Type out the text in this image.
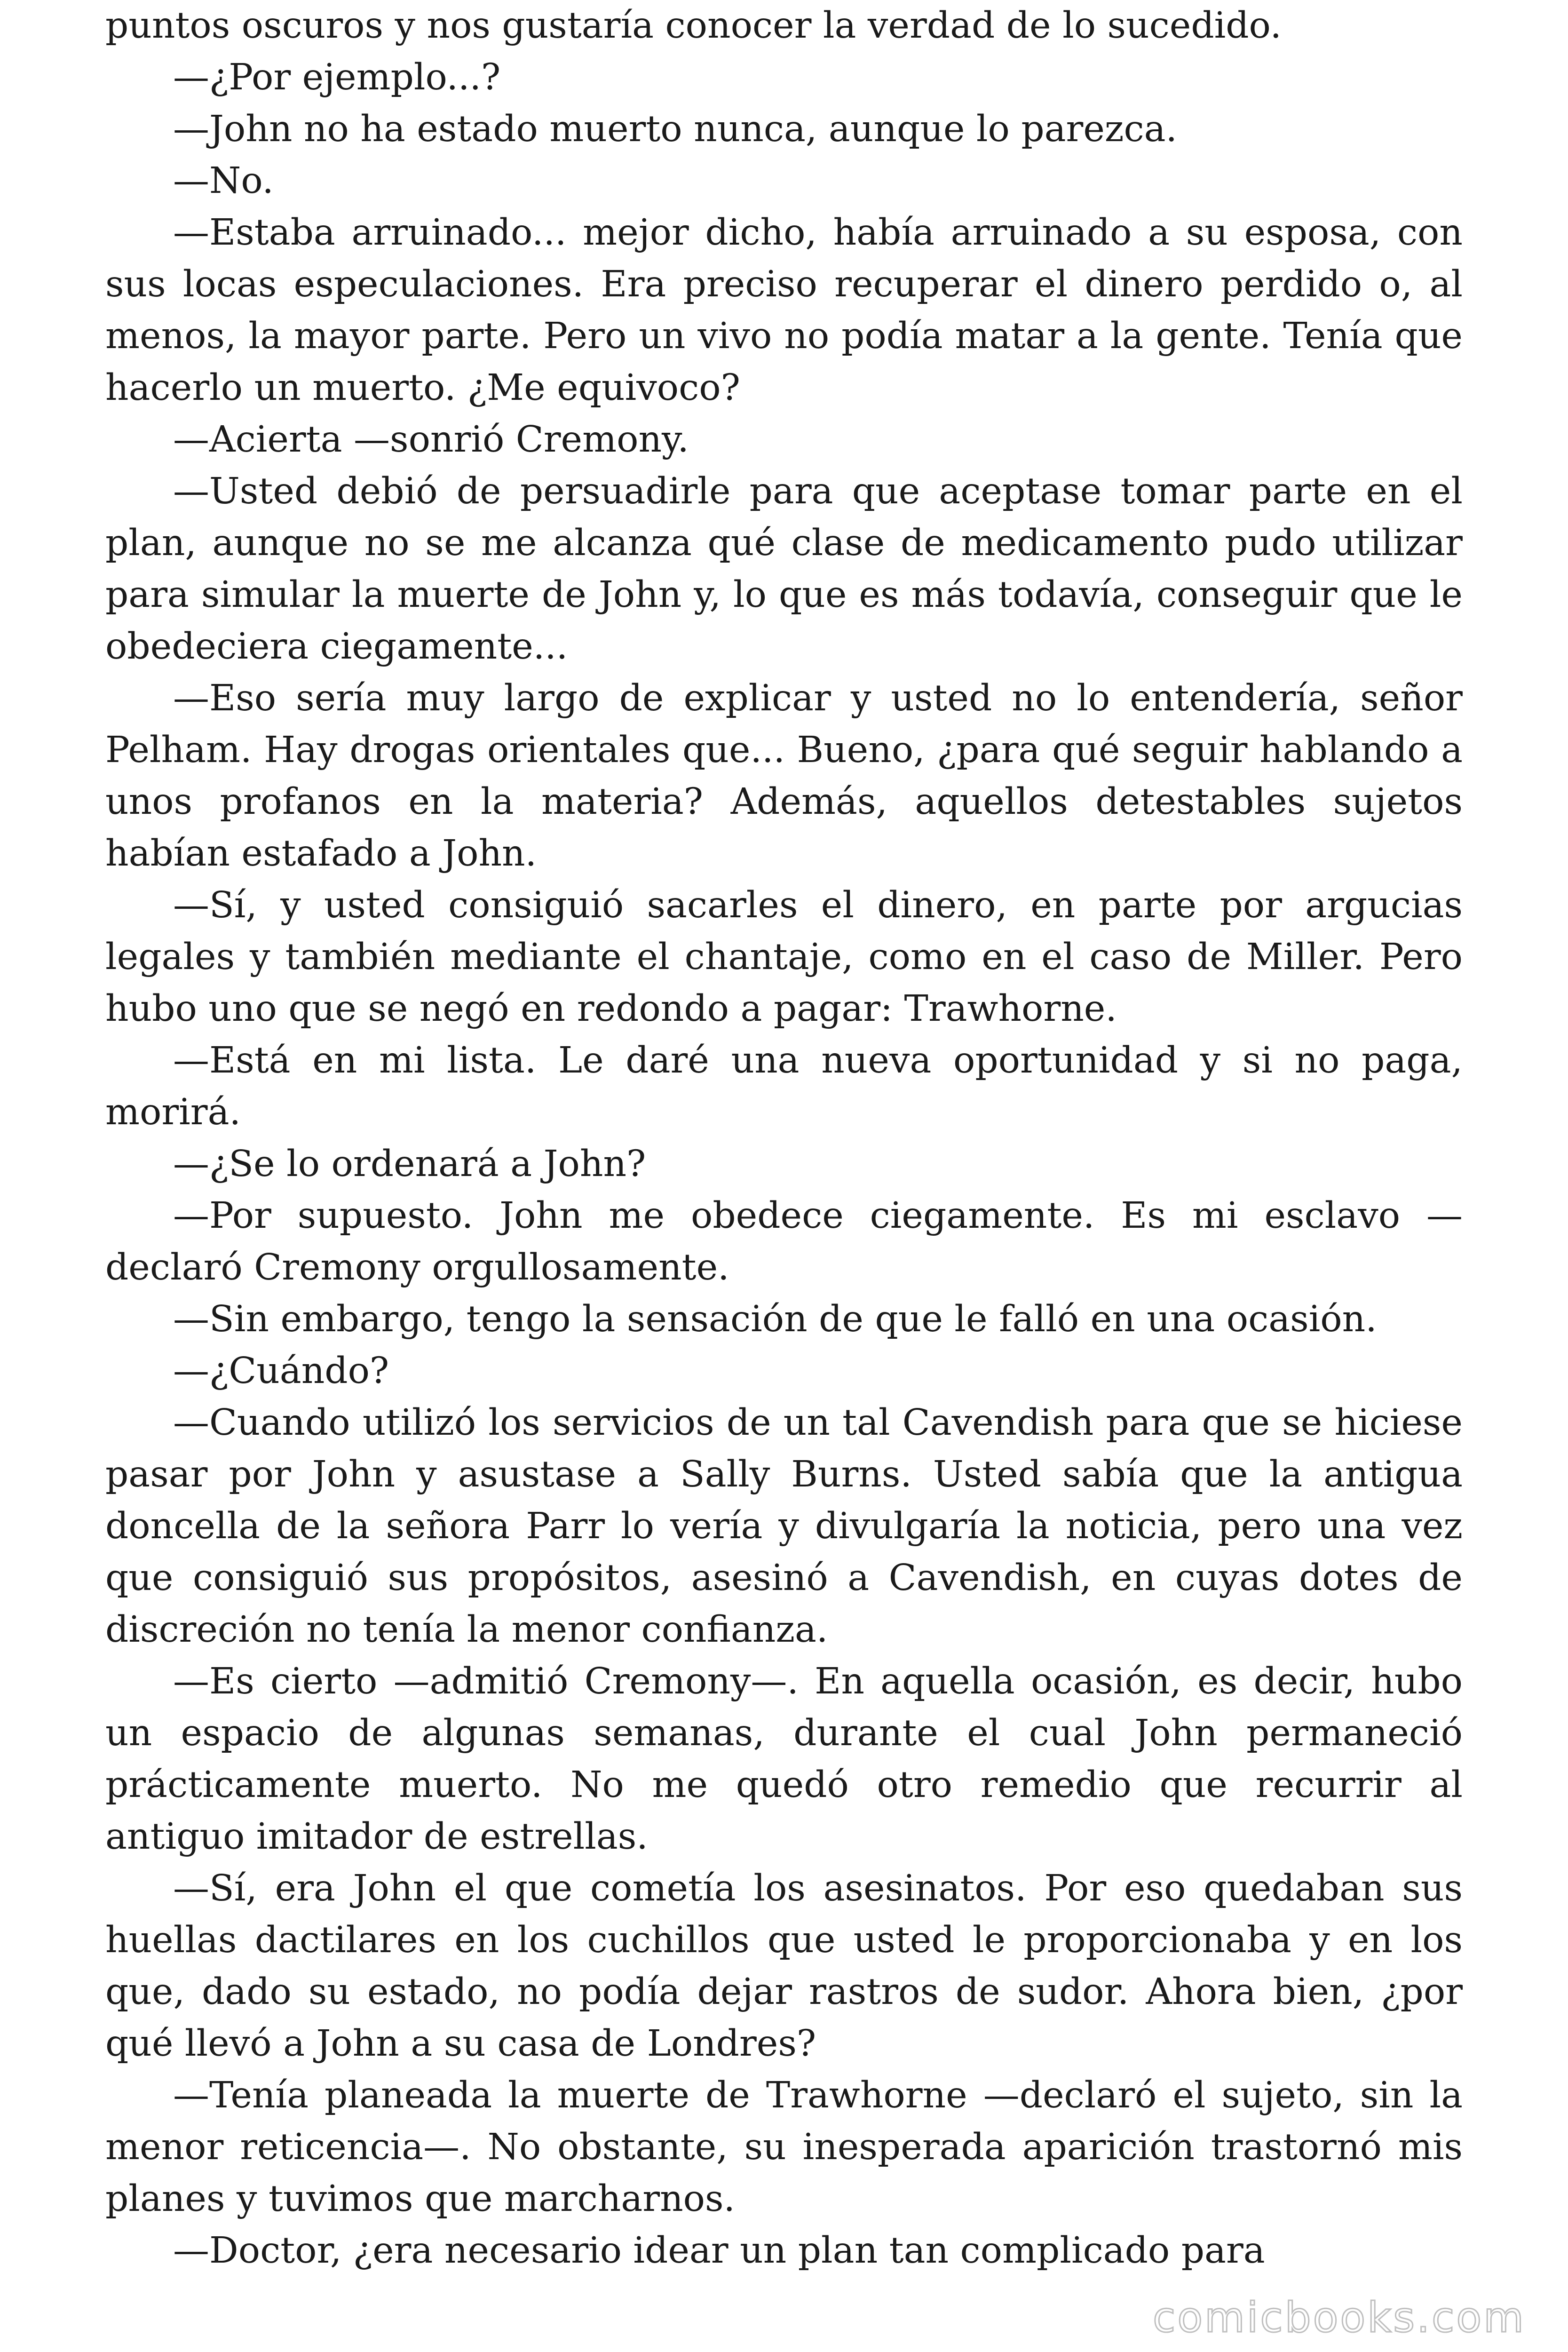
puntos oscuros y nos gustaría conocer la verdad de lo sucedido.

—¿Por ejemplo...?

—John no ha estado muerto nunca, aunque lo parezca.

—No.

—Estaba arruinado... mejor dicho, había arruinado a su esposa, con sus locas especulaciones. Era preciso recuperar el dinero perdido o, al menos, la mayor parte. Pero un vivo no podía matar a la gente. Tenía que hacerlo un muerto. ¿Me equivoco?

—Acierta —sonrió Cremony.

—Usted debió de persuadirle para que aceptase tomar parte en el plan, aunque no se me alcanza qué clase de medicamento pudo utilizar para simular la muerte de John y, lo que es más todavía, conseguir que le obedeciera ciegamente...

—Eso sería muy largo de explicar y usted no lo entendería, señor Pelham. Hay drogas orientales que... Bueno, ¿para qué seguir hablando a unos profanos en la materia? Además, aquellos detestables sujetos habían estafado a John.

—Sí, y usted consiguió sacarles el dinero, en parte por argucias legales y también mediante el chantaje, como en el caso de Miller. Pero hubo uno que se negó en redondo a pagar: Trawhorne.

—Está en mi lista. Le daré una nueva oportunidad y si no paga, morirá.

—¿Se lo ordenará a John?

—Por supuesto. John me obedece ciegamente. Es mi esclavo —declaró Cremony orgullosamente.

—Sin embargo, tengo la sensación de que le falló en una ocasión.

—¿Cuándo?

—Cuando utilizó los servicios de un tal Cavendish para que se hiciese pasar por John y asustase a Sally Burns. Usted sabía que la antigua doncella de la señora Parr lo vería y divulgaría la noticia, pero una vez que consiguió sus propósitos, asesinó a Cavendish, en cuyas dotes de discreción no tenía la menor confianza.

—Es cierto —admitió Cremony—. En aquella ocasión, es decir, hubo un espacio de algunas semanas, durante el cual John permaneció prácticamente muerto. No me quedó otro remedio que recurrir al antiguo imitador de estrellas.

—Sí, era John el que cometía los asesinatos. Por eso quedaban sus huellas dactilares en los cuchillos que usted le proporcionaba y en los que, dado su estado, no podía dejar rastros de sudor. Ahora bien, ¿por qué llevó a John a su casa de Londres?

—Tenía planeada la muerte de Trawhorne —declaró el sujeto, sin la menor reticencia—. No obstante, su inesperada aparición trastornó mis planes y tuvimos que marcharnos.

—Doctor, ¿era necesario idear un plan tan complicado para

comicbooks.com
